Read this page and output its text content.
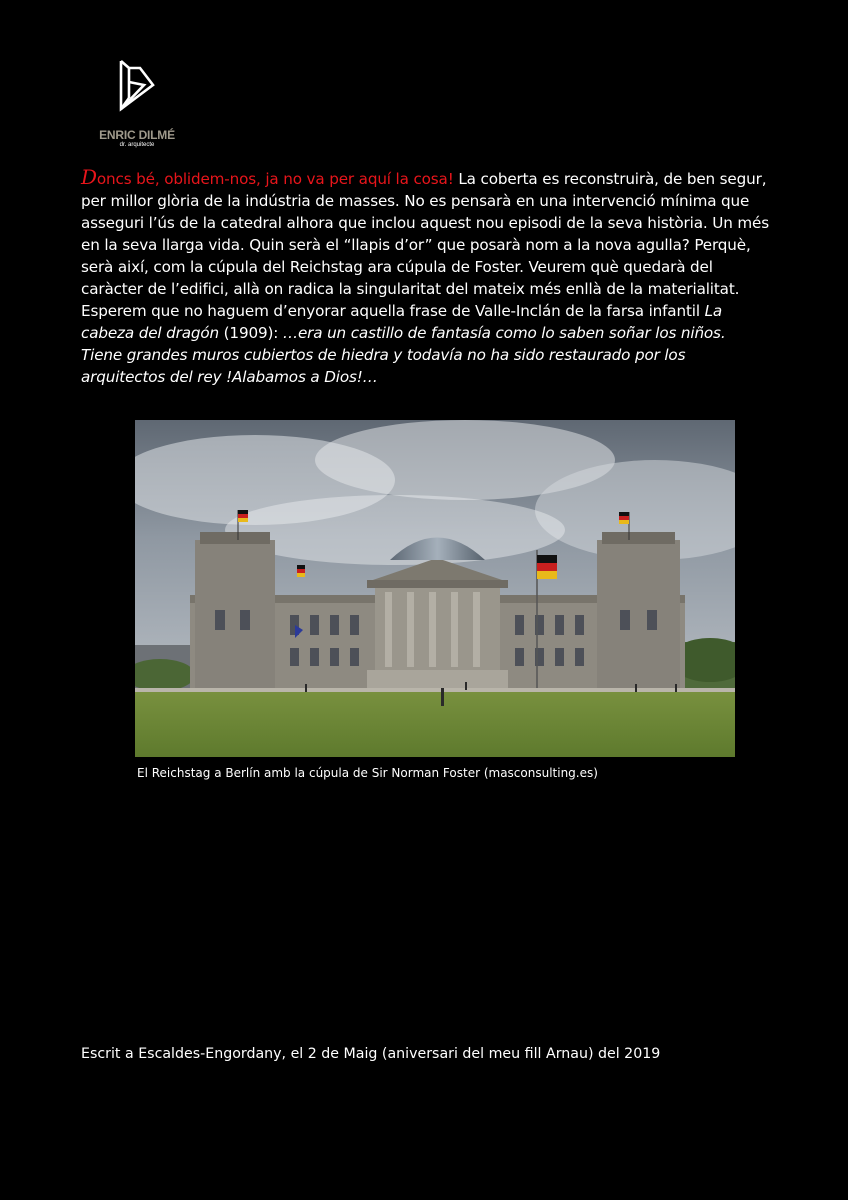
ENRIC DILMÉ
dr. arquitecte

Doncs bé, oblidem-nos, ja no va per aquí la cosa! La coberta es reconstruirà, de ben segur, per millor glòria de la indústria de masses. No es pensarà en una intervenció mínima que asseguri l’ús de la catedral alhora que inclou aquest nou episodi de la seva història. Un més en la seva llarga vida. Quin serà el “llapis d’or” que posarà nom a la nova agulla? Perquè, serà així, com la cúpula del Reichstag ara cúpula de Foster. Veurem què quedarà del caràcter de l’edifici, allà on radica la singularitat del mateix més enllà de la materialitat. Esperem que no haguem d’enyorar aquella frase de Valle-Inclán de la farsa infantil La cabeza del dragón (1909): …era un castillo de fantasía como lo saben soñar los niños. Tiene grandes muros cubiertos de hiedra y todavía no ha sido restaurado por los arquitectos del rey !Alabamos a Dios!…

El Reichstag a Berlín amb la cúpula de Sir Norman Foster (masconsulting.es)
Escrit a Escaldes-Engordany, el 2 de Maig (aniversari del meu fill Arnau) del 2019
